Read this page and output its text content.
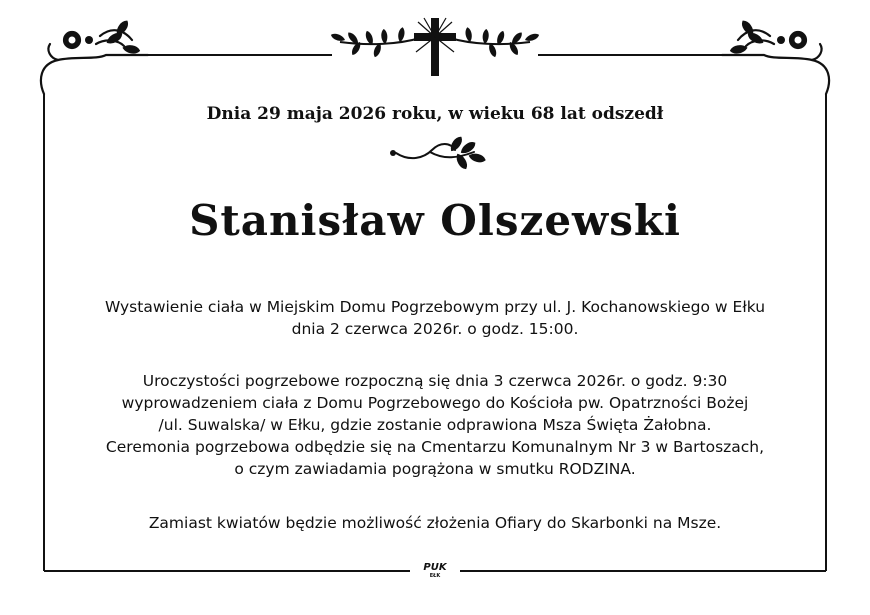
Dnia 29 maja 2026 roku, w wieku 68 lat odszedł
Stanisław Olszewski
Wystawienie ciała w Miejskim Domu Pogrzebowym przy ul. J. Kochanowskiego w Ełku
dnia 2 czerwca 2026r. o godz. 15:00.
Uroczystości pogrzebowe rozpoczną się dnia 3 czerwca 2026r. o godz. 9:30
wyprowadzeniem ciała z Domu Pogrzebowego do Kościoła pw. Opatrzności Bożej
/ul. Suwalska/ w Ełku, gdzie zostanie odprawiona Msza Święta Żałobna.
Ceremonia pogrzebowa odbędzie się na Cmentarzu Komunalnym Nr 3 w Bartoszach,
o czym zawiadamia pogrążona w smutku RODZINA.
Zamiast kwiatów będzie możliwość złożenia Ofiary do Skarbonki na Msze.
PUK
EŁK
